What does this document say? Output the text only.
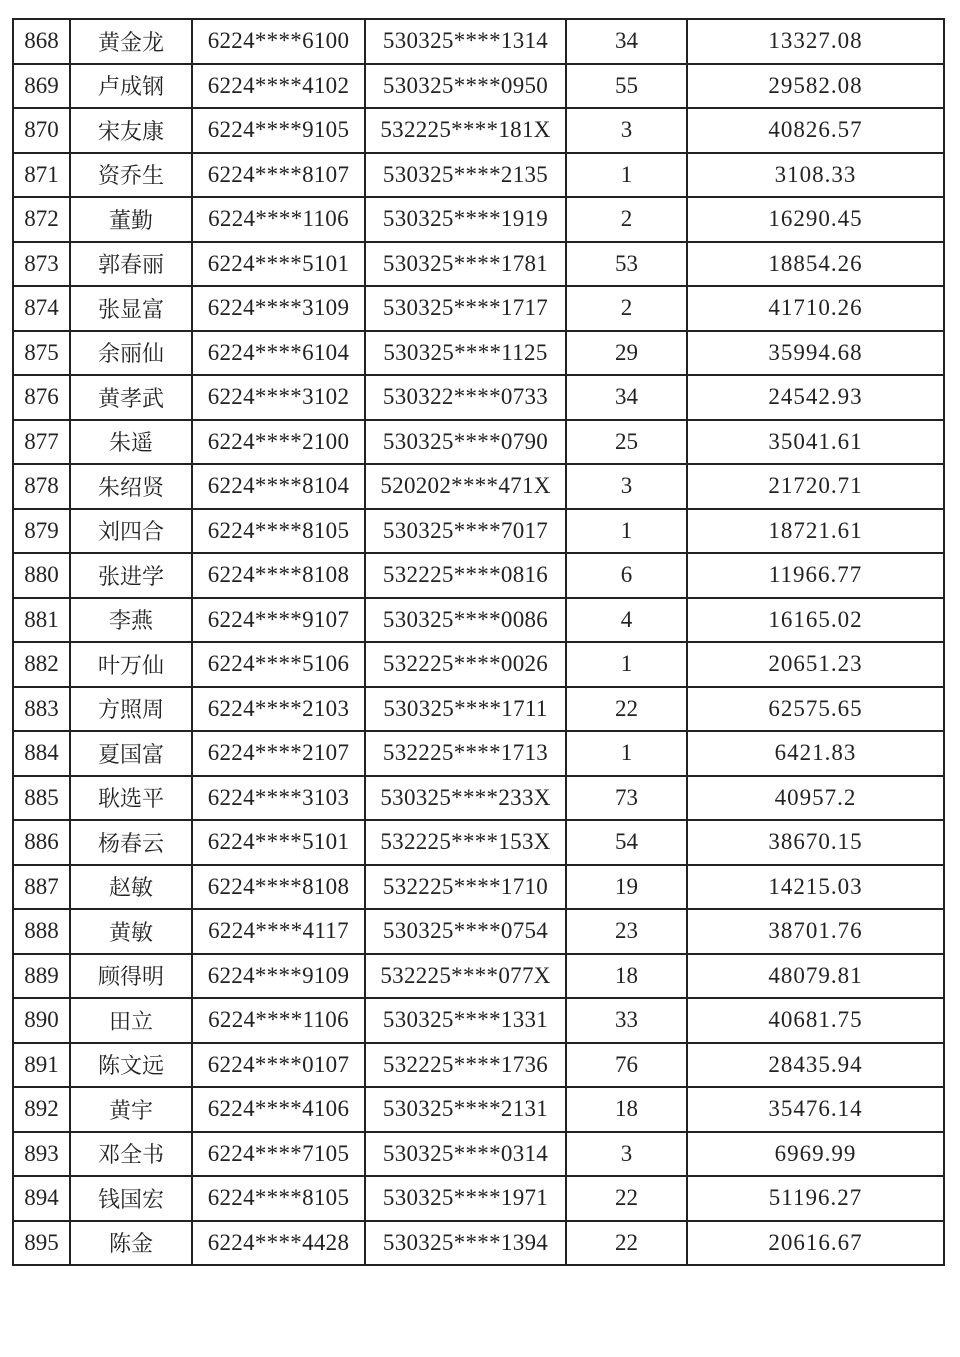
868	黄金龙	6224****6100	530325****1314	34	13327.08
869	卢成钢	6224****4102	530325****0950	55	29582.08
870	宋友康	6224****9105	532225****181X	3	40826.57
871	资乔生	6224****8107	530325****2135	1	3108.33
872	董勤	6224****1106	530325****1919	2	16290.45
873	郭春丽	6224****5101	530325****1781	53	18854.26
874	张显富	6224****3109	530325****1717	2	41710.26
875	余丽仙	6224****6104	530325****1125	29	35994.68
876	黄孝武	6224****3102	530322****0733	34	24542.93
877	朱遥	6224****2100	530325****0790	25	35041.61
878	朱绍贤	6224****8104	520202****471X	3	21720.71
879	刘四合	6224****8105	530325****7017	1	18721.61
880	张进学	6224****8108	532225****0816	6	11966.77
881	李燕	6224****9107	530325****0086	4	16165.02
882	叶万仙	6224****5106	532225****0026	1	20651.23
883	方照周	6224****2103	530325****1711	22	62575.65
884	夏国富	6224****2107	532225****1713	1	6421.83
885	耿选平	6224****3103	530325****233X	73	40957.2
886	杨春云	6224****5101	532225****153X	54	38670.15
887	赵敏	6224****8108	532225****1710	19	14215.03
888	黄敏	6224****4117	530325****0754	23	38701.76
889	顾得明	6224****9109	532225****077X	18	48079.81
890	田立	6224****1106	530325****1331	33	40681.75
891	陈文远	6224****0107	532225****1736	76	28435.94
892	黄宇	6224****4106	530325****2131	18	35476.14
893	邓全书	6224****7105	530325****0314	3	6969.99
894	钱国宏	6224****8105	530325****1971	22	51196.27
895	陈金	6224****4428	530325****1394	22	20616.67
